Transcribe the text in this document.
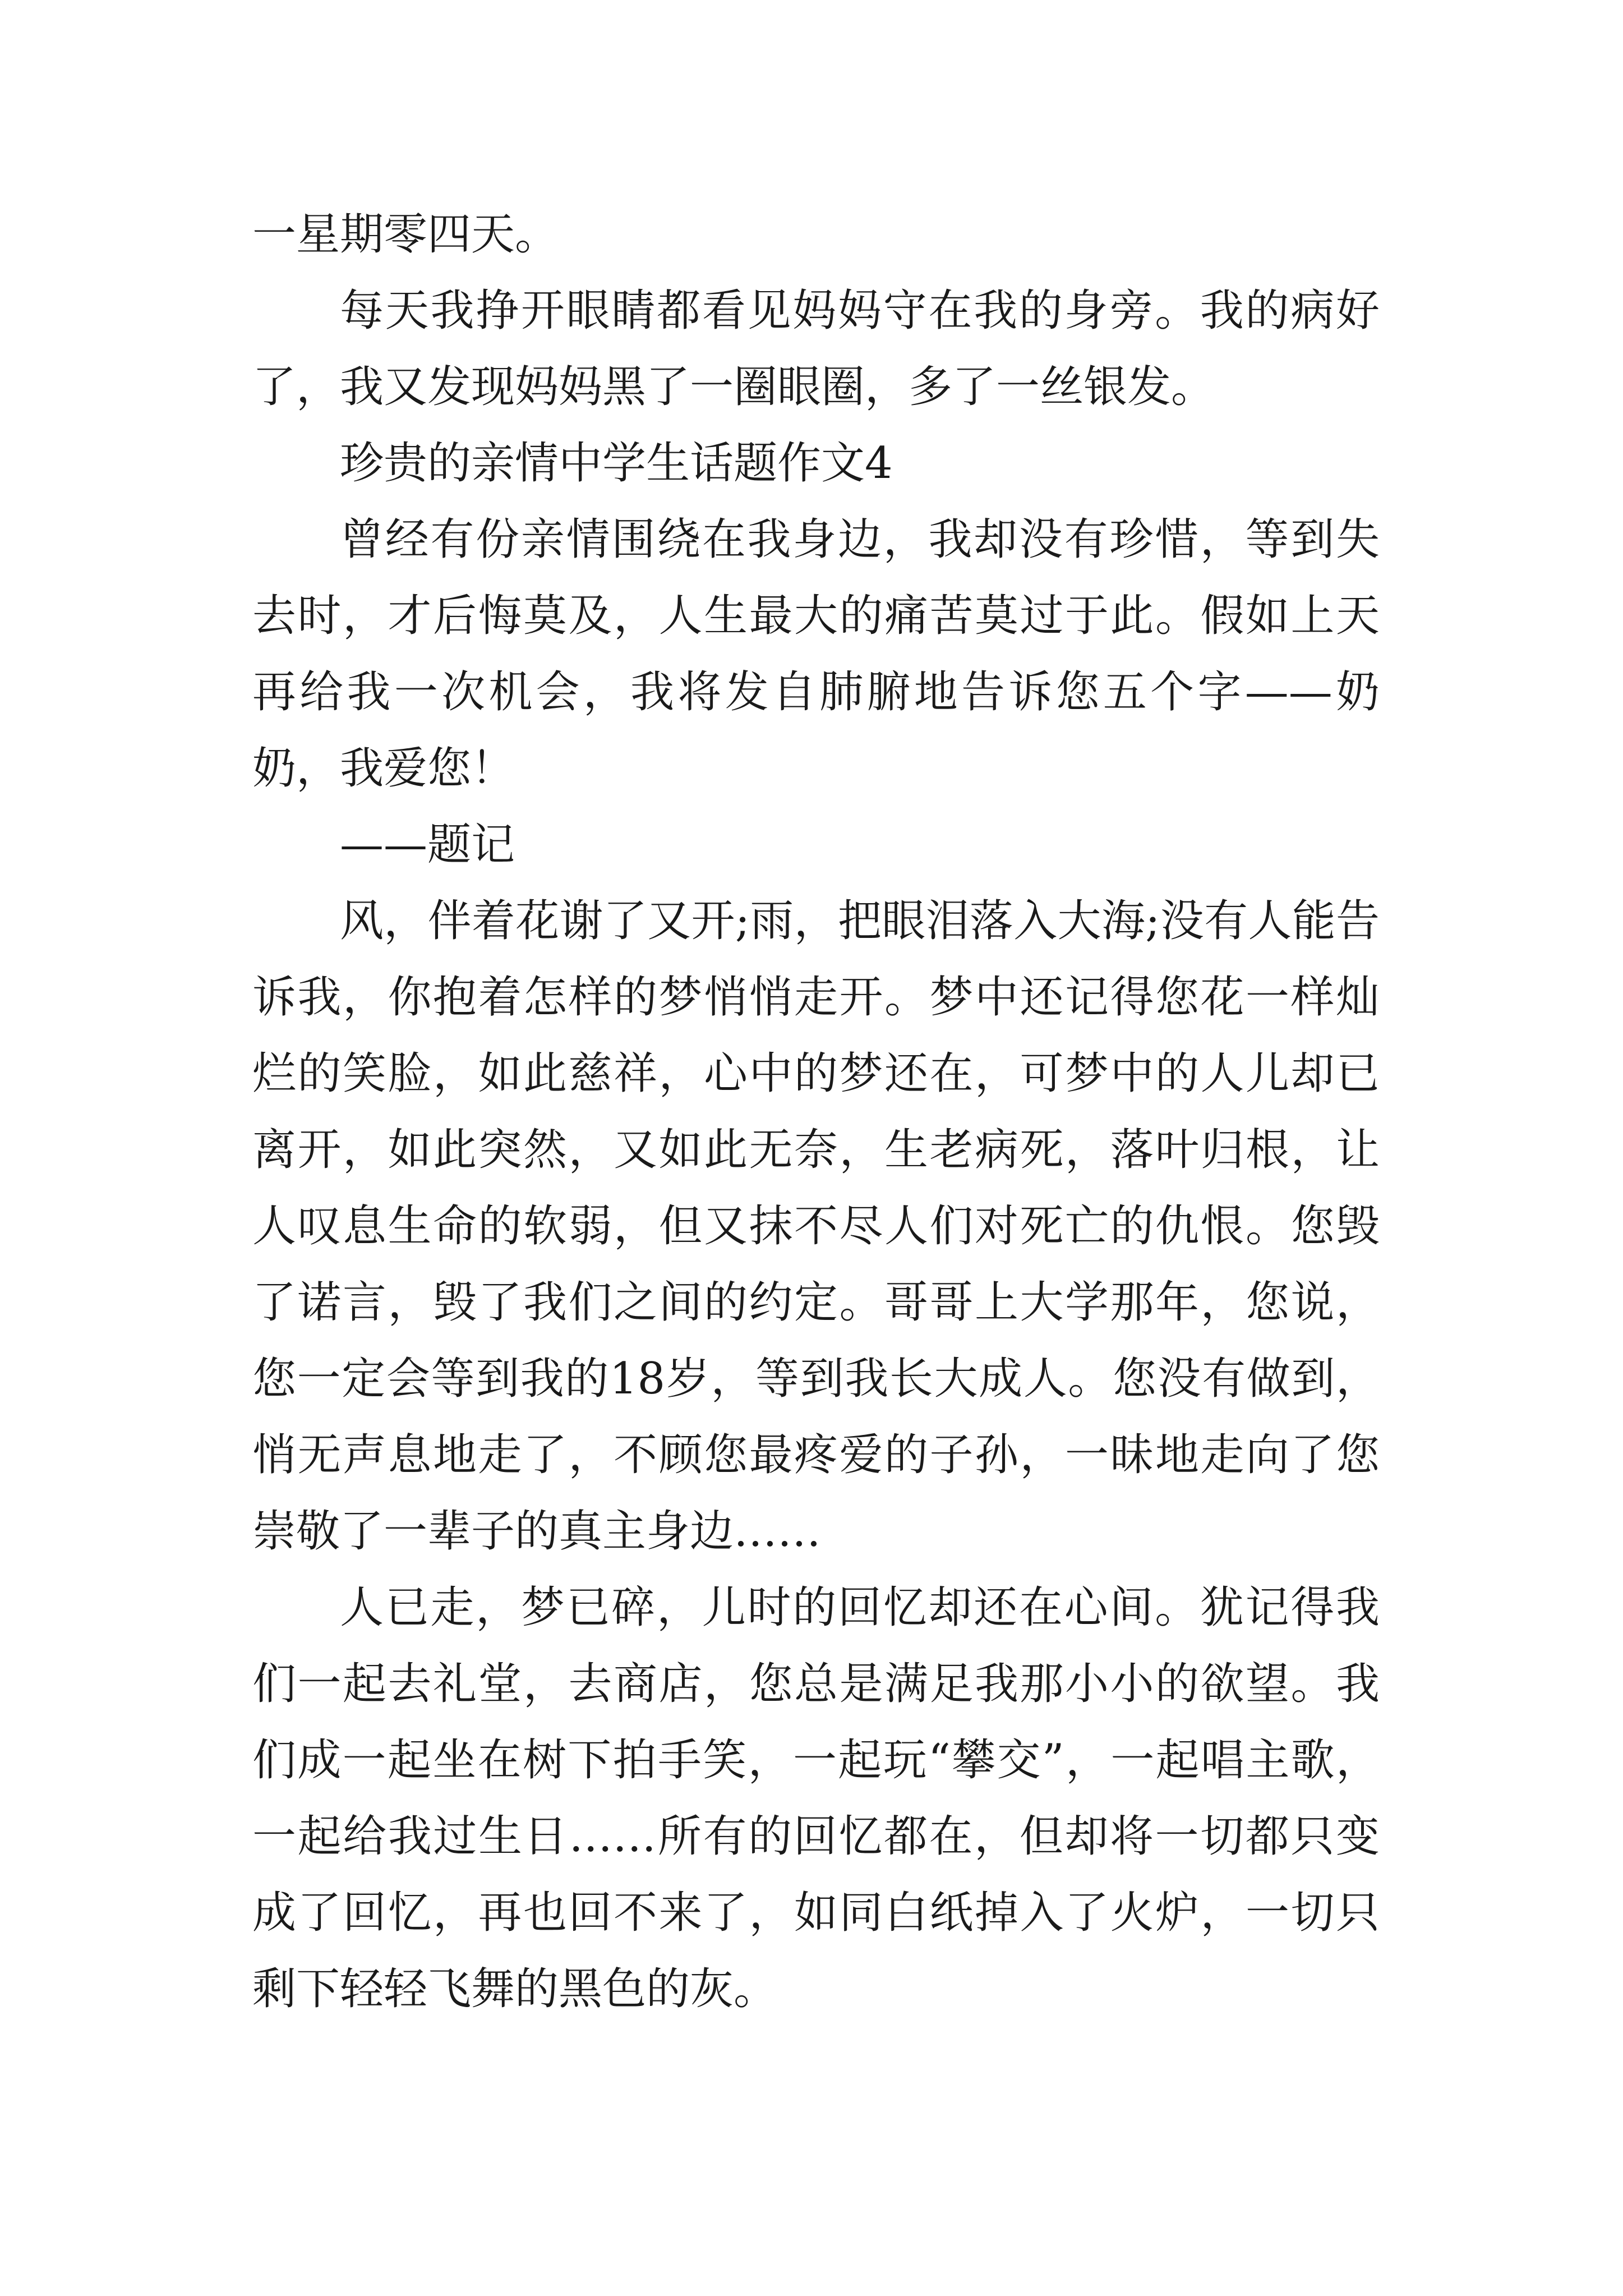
一星期零四天。

每天我挣开眼睛都看见妈妈守在我的身旁。我的病好了，我又发现妈妈黑了一圈眼圈，多了一丝银发。

珍贵的亲情中学生话题作文4

曾经有份亲情围绕在我身边，我却没有珍惜，等到失去时，才后悔莫及，人生最大的痛苦莫过于此。假如上天再给我一次机会，我将发自肺腑地告诉您五个字——奶奶，我爱您！

——题记

风，伴着花谢了又开;雨，把眼泪落入大海;没有人能告诉我，你抱着怎样的梦悄悄走开。梦中还记得您花一样灿烂的笑脸，如此慈祥，心中的梦还在，可梦中的人儿却已离开，如此突然，又如此无奈，生老病死，落叶归根，让人叹息生命的软弱，但又抹不尽人们对死亡的仇恨。您毁了诺言，毁了我们之间的约定。哥哥上大学那年，您说，您一定会等到我的18岁，等到我长大成人。您没有做到，悄无声息地走了，不顾您最疼爱的子孙，一昧地走向了您崇敬了一辈子的真主身边……

人已走，梦已碎，儿时的回忆却还在心间。犹记得我们一起去礼堂，去商店，您总是满足我那小小的欲望。我们成一起坐在树下拍手笑，一起玩“攀交”，一起唱主歌，一起给我过生日……所有的回忆都在，但却将一切都只变成了回忆，再也回不来了，如同白纸掉入了火炉，一切只剩下轻轻飞舞的黑色的灰。
